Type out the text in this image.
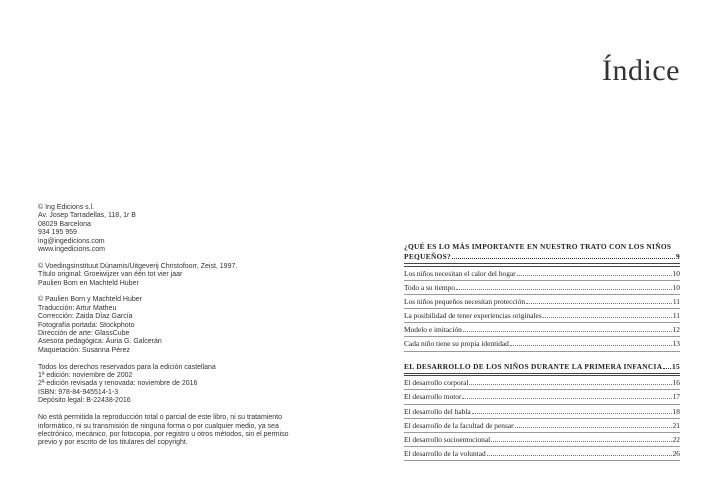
© Ing Edicions s.l.
Av. Josep Tarradellas, 118, 1r B
08029 Barcelona
934 195 959
ing@ingedicions.com
www.ingedicions.com
© Voedingsinstituut Dùnamis/Uitgeverij Christofoorr, Zeist, 1997.
Título original: Groeiwijzer van één tot vier jaar
Paulien Bom en Machteld Huber
© Paulien Born y Machteld Huber
Traducción: Artur Matheu
Corrección: Zaida Díaz García
Fotografía portada: Stockphoto
Dirección de arte: GlassCube
Asesora pedagógica: Àuria G. Galcerán
Maquetación: Susanna Pérez
Todos los derechos reservados para la edición castellana
1ª edición: noviembre de 2002
2ª edición revisada y renovada: noviembre de 2016
ISBN: 978-84-945514-1-3
Depósito legal: B-22438-2016
No está permitida la reproducción total o parcial de este libro, ni su tratamiento
informático, ni su transmisión de ninguna forma o por cualquier medio, ya sea
electrónico, mecánico, por fotocopia, por registro u otros métodos, sin el permiso
previo y por escrito de los titulares del copyright.
Índice
¿QUÉ ES LO MÁS IMPORTANTE EN NUESTRO TRATO CON LOS NIÑOS
PEQUEÑOS?	9
Los niños necesitan el calor del hogar	10
Todo a su tiempo	10
Los niños pequeños necesitan protección	11
La posibilidad de tener experiencias originales	11
Modelo e imitación	12
Cada niño tiene su propia identidad	13
EL DESARROLLO DE LOS NIÑOS DURANTE LA PRIMERA INFANCIA 15
El desarrollo corporal	16
El desarrollo motor	17
El desarrollo del habla	18
El desarrollo de la facultad de pensar	21
El desarrollo socioemocional	22
El desarrollo de la voluntad	26
